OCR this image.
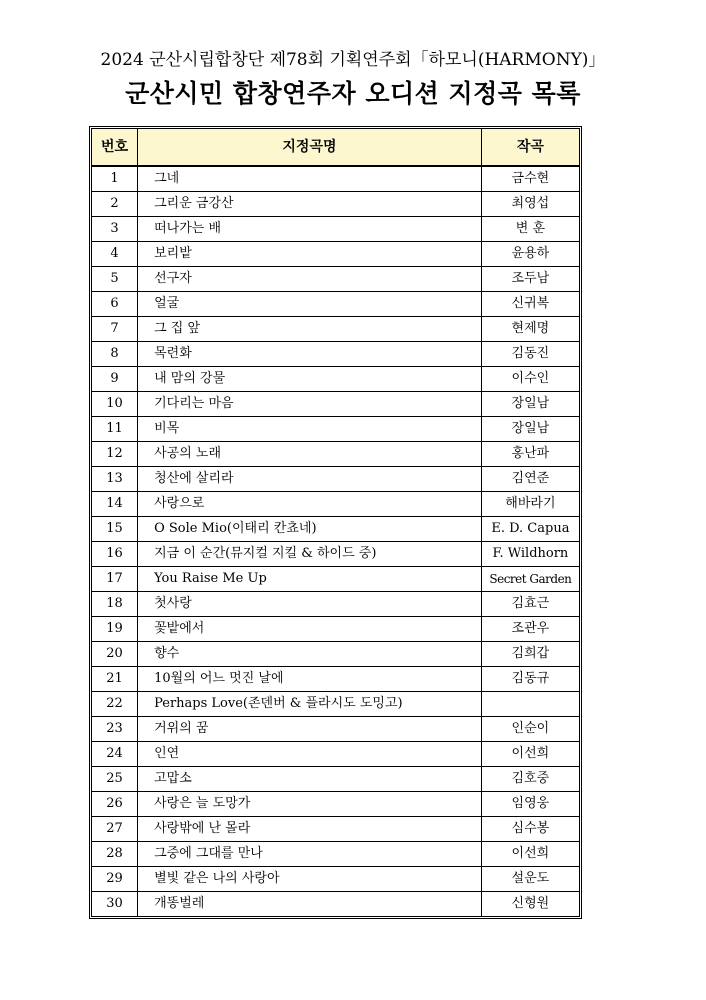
2024 군산시립합창단 제78회 기획연주회「하모니(HARMONY)」
군산시민 합창연주자 오디션 지정곡 목록
번호	지정곡명	작곡
1	그네	금수현
2	그리운 금강산	최영섭
3	떠나가는 배	변 훈
4	보리밭	윤용하
5	선구자	조두남
6	얼굴	신귀복
7	그 집 앞	현제명
8	목련화	김동진
9	내 맘의 강물	이수인
10	기다리는 마음	장일남
11	비목	장일남
12	사공의 노래	홍난파
13	청산에 살리라	김연준
14	사랑으로	해바라기
15	O Sole Mio(이태리 칸쵸네)	E. D. Capua
16	지금 이 순간(뮤지컬 지킬 & 하이드 중)	F. Wildhorn
17	You Raise Me Up	Secret Garden
18	첫사랑	김효근
19	꽃밭에서	조관우
20	향수	김희갑
21	10월의 어느 멋진 날에	김동규
22	Perhaps Love(존덴버 & 플라시도 도밍고)	
23	거위의 꿈	인순이
24	인연	이선희
25	고맙소	김호중
26	사랑은 늘 도망가	임영웅
27	사랑밖에 난 몰라	심수봉
28	그중에 그대를 만나	이선희
29	별빛 같은 나의 사랑아	설운도
30	개똥벌레	신형원
